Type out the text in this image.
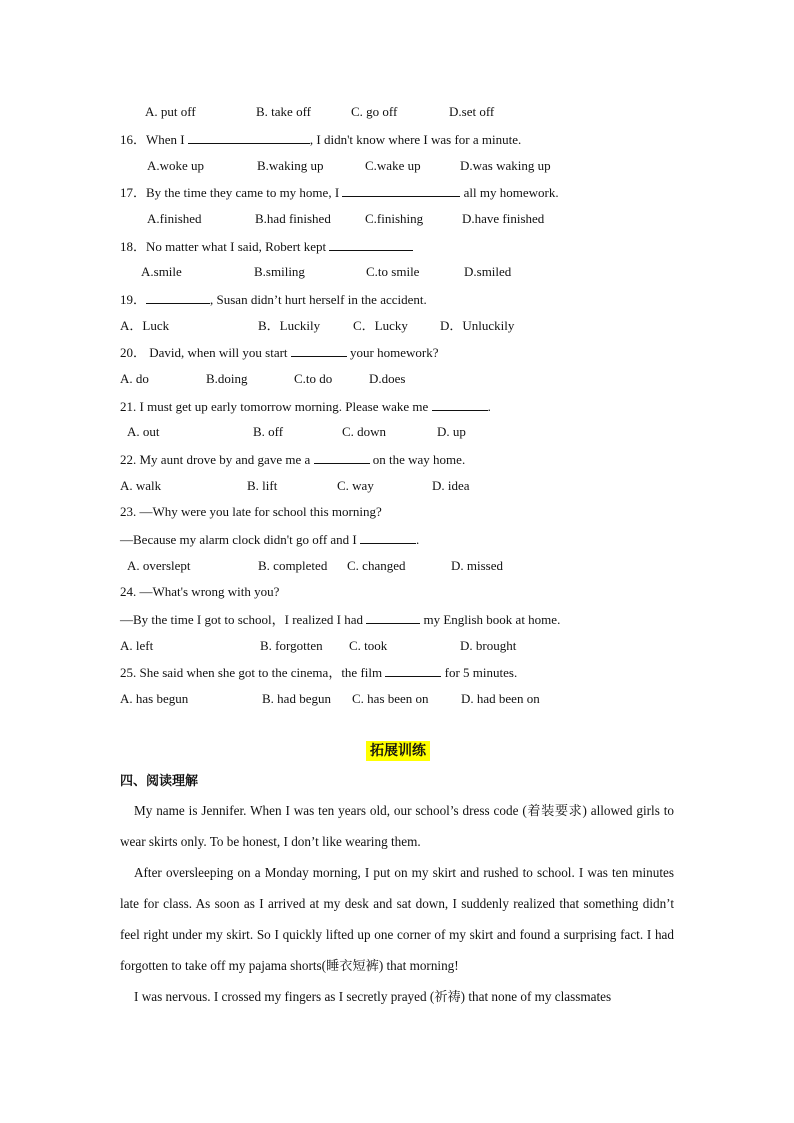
A. put off	B. take off	C. go off	D.set off
16．When I	, I didn't know where I was for a minute.
A.woke up	B.waking up	C.wake up	D.was waking up
17．By the time they came to my home, I	all my homework.
A.finished	B.had finished	C.finishing	D.have finished
18．No matter what I said, Robert kept
A.smile	B.smiling	C.to smile	D.smiled
19．	, Susan didn’t hurt herself in the accident.
A．Luck	B．Luckily	C．Lucky D．Unluckily
20． David, when will you start	your homework?
A. do	B.doing	C.to do	D.does
21. I must get up early tomorrow morning. Please wake me	.
A. out	B. off	C. down	D. up
22. My aunt drove by and gave me a	on the way home.
A. walk	B. lift	C. way	D. idea
23. —Why were you late for school this morning?
—Because my alarm clock didn't go off and I	.
A. overslept	B. completed C. changed	D. missed
24. —What's wrong with you?
—By the time I got to school，I realized I had	my English book at home.
A. left	B. forgotten C. took	D. brought
25. She said when she got to the cinema，the film	for 5 minutes.
A. has begun	B. had begun C. has been on D. had been on
拓展训练
四、阅读理解

My name is Jennifer. When I was ten years old, our school’s dress code (着装要求) allowed girls to wear skirts only. To be honest, I don’t like wearing them.

After oversleeping on a Monday morning, I put on my skirt and rushed to school. I was ten minutes late for class. As soon as I arrived at my desk and sat down, I suddenly realized that something didn’t feel right under my skirt. So I quickly lifted up one corner of my skirt and found a surprising fact. I had forgotten to take off my pajama shorts(睡衣短裤) that morning!

I was nervous. I crossed my fingers as I secretly prayed (祈祷) that none of my classmates
